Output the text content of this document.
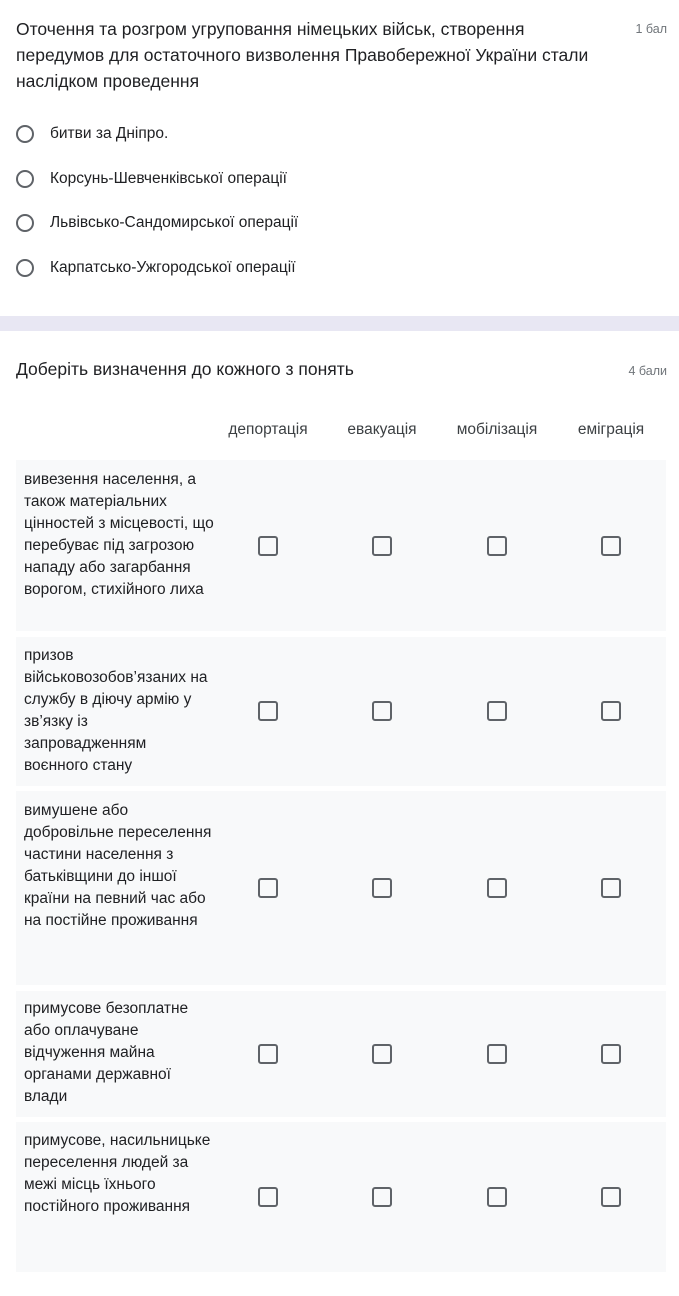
Оточення та розгром угруповання німецьких військ, створення передумов для остаточного визволення Правобережної України стали наслідком проведення
1 бал
битви за Дніпро.
Корсунь-Шевченківської операції
Львівсько-Сандомирської операції
Карпатсько-Ужгородської операції
Доберіть визначення до кожного з понять	4 бали
депортація	евакуація	мобілізація	еміграція
вивезення населення, а також матеріальних цінностей з місцевості, що перебуває під загрозою нападу або загарбання ворогом, стихійного лиха
призов військовозобов’язаних на службу в діючу армію у зв’язку із запровадженням воєнного стану
вимушене або добровільне переселення частини населення з батьківщини до іншої країни на певний час або на постійне проживання
примусове безоплатне або оплачуване відчуження майна органами державної влади
примусове, насильницьке переселення людей за межі місць їхнього постійного проживання
